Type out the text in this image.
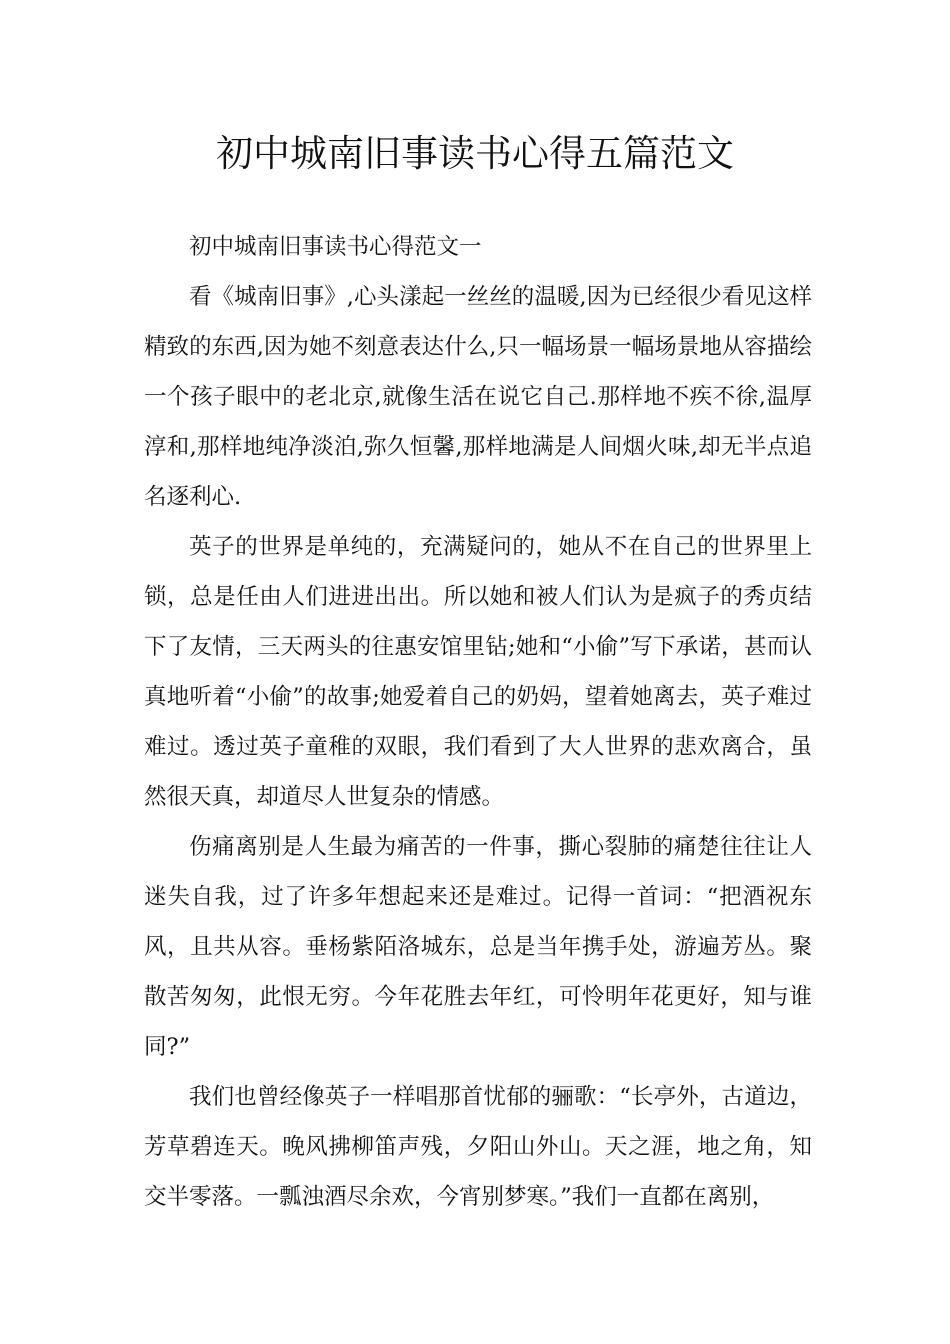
初中城南旧事读书心得五篇范文

初中城南旧事读书心得范文一

看《城南旧事》,心头漾起一丝丝的温暖,因为已经很少看见这样精致的东西,因为她不刻意表达什么,只一幅场景一幅场景地从容描绘一个孩子眼中的老北京,就像生活在说它自己.那样地不疾不徐,温厚淳和,那样地纯净淡泊,弥久恒馨,那样地满是人间烟火味,却无半点追名逐利心.

英子的世界是单纯的，充满疑问的，她从不在自己的世界里上锁，总是任由人们进进出出。所以她和被人们认为是疯子的秀贞结下了友情，三天两头的往惠安馆里钻;她和“小偷”写下承诺，甚而认真地听着“小偷”的故事;她爱着自己的奶妈，望着她离去，英子难过难过。透过英子童稚的双眼，我们看到了大人世界的悲欢离合，虽然很天真，却道尽人世复杂的情感。

伤痛离别是人生最为痛苦的一件事，撕心裂肺的痛楚往往让人迷失自我，过了许多年想起来还是难过。记得一首词：“把酒祝东风，且共从容。垂杨紫陌洛城东，总是当年携手处，游遍芳丛。聚散苦匆匆，此恨无穷。今年花胜去年红，可怜明年花更好，知与谁同?”

我们也曾经像英子一样唱那首忧郁的骊歌：“长亭外，古道边，芳草碧连天。晚风拂柳笛声残，夕阳山外山。天之涯，地之角，知交半零落。一瓢浊酒尽余欢，今宵别梦寒。”我们一直都在离别，
